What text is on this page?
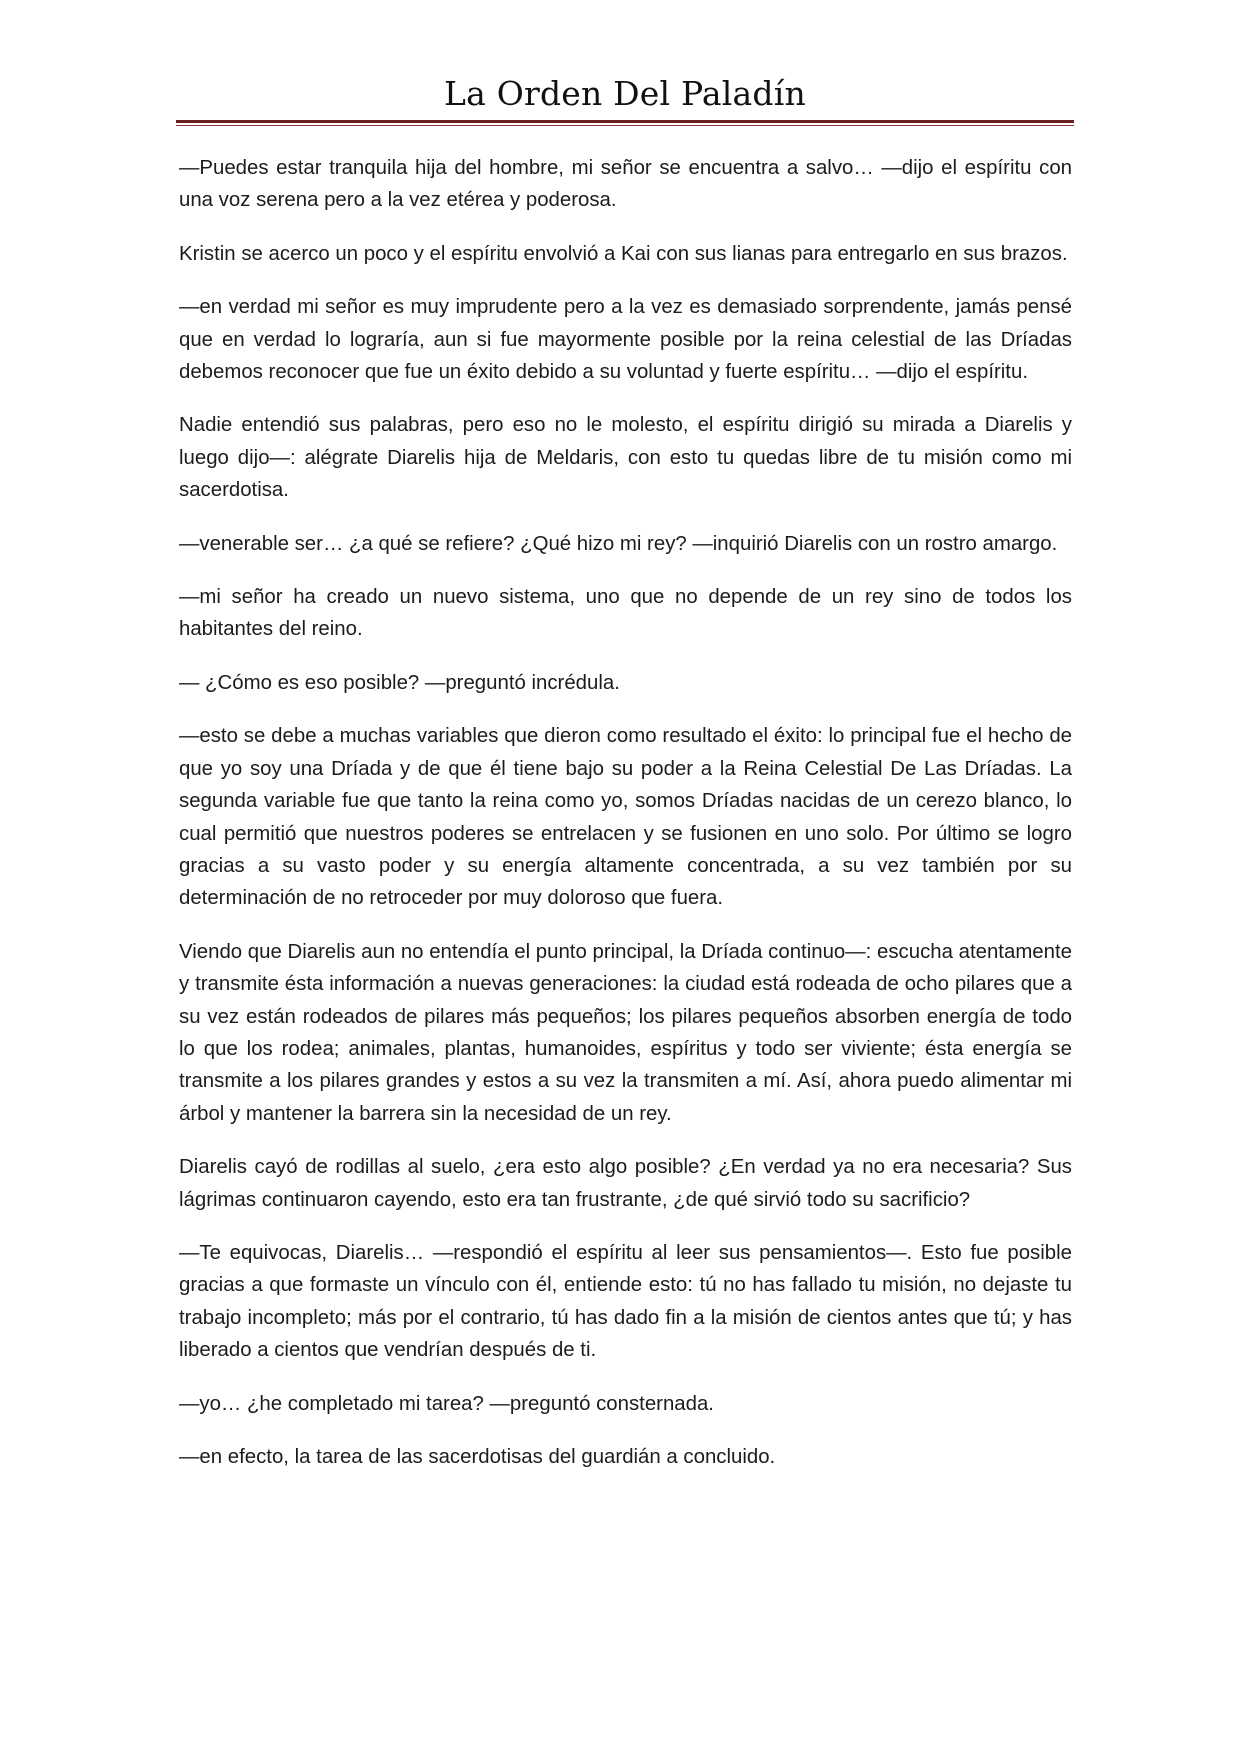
La Orden Del Paladín

—Puedes estar tranquila hija del hombre, mi señor se encuentra a salvo… —dijo el espíritu con una voz serena pero a la vez etérea y poderosa.

Kristin se acerco un poco y el espíritu envolvió a Kai con sus lianas para entregarlo en sus brazos.

—en verdad mi señor es muy imprudente pero a la vez es demasiado sorprendente, jamás pensé que en verdad lo lograría, aun si fue mayormente posible por la reina celestial de las Dríadas debemos reconocer que fue un éxito debido a su voluntad y fuerte espíritu… —dijo el espíritu.

Nadie entendió sus palabras, pero eso no le molesto, el espíritu dirigió su mirada a Diarelis y luego dijo—: alégrate Diarelis hija de Meldaris, con esto tu quedas libre de tu misión como mi sacerdotisa.

—venerable ser… ¿a qué se refiere? ¿Qué hizo mi rey? —inquirió Diarelis con un rostro amargo.

—mi señor ha creado un nuevo sistema, uno que no depende de un rey sino de todos los habitantes del reino.

— ¿Cómo es eso posible? —preguntó incrédula.

—esto se debe a muchas variables que dieron como resultado el éxito: lo principal fue el hecho de que yo soy una Dríada y de que él tiene bajo su poder a la Reina Celestial De Las Dríadas. La segunda variable fue que tanto la reina como yo, somos Dríadas nacidas de un cerezo blanco, lo cual permitió que nuestros poderes se entrelacen y se fusionen en uno solo. Por último se logro gracias a su vasto poder y su energía altamente concentrada, a su vez también por su determinación de no retroceder por muy doloroso que fuera.

Viendo que Diarelis aun no entendía el punto principal, la Dríada continuo—: escucha atentamente y transmite ésta información a nuevas generaciones: la ciudad está rodeada de ocho pilares que a su vez están rodeados de pilares más pequeños; los pilares pequeños absorben energía de todo lo que los rodea; animales, plantas, humanoides, espíritus y todo ser viviente; ésta energía se transmite a los pilares grandes y estos a su vez la transmiten a mí. Así, ahora puedo alimentar mi árbol y mantener la barrera sin la necesidad de un rey.

Diarelis cayó de rodillas al suelo, ¿era esto algo posible? ¿En verdad ya no era necesaria? Sus lágrimas continuaron cayendo, esto era tan frustrante, ¿de qué sirvió todo su sacrificio?

—Te equivocas, Diarelis… —respondió el espíritu al leer sus pensamientos—. Esto fue posible gracias a que formaste un vínculo con él, entiende esto: tú no has fallado tu misión, no dejaste tu trabajo incompleto; más por el contrario, tú has dado fin a la misión de cientos antes que tú; y has liberado a cientos que vendrían después de ti.

—yo… ¿he completado mi tarea? —preguntó consternada.

—en efecto, la tarea de las sacerdotisas del guardián a concluido.
